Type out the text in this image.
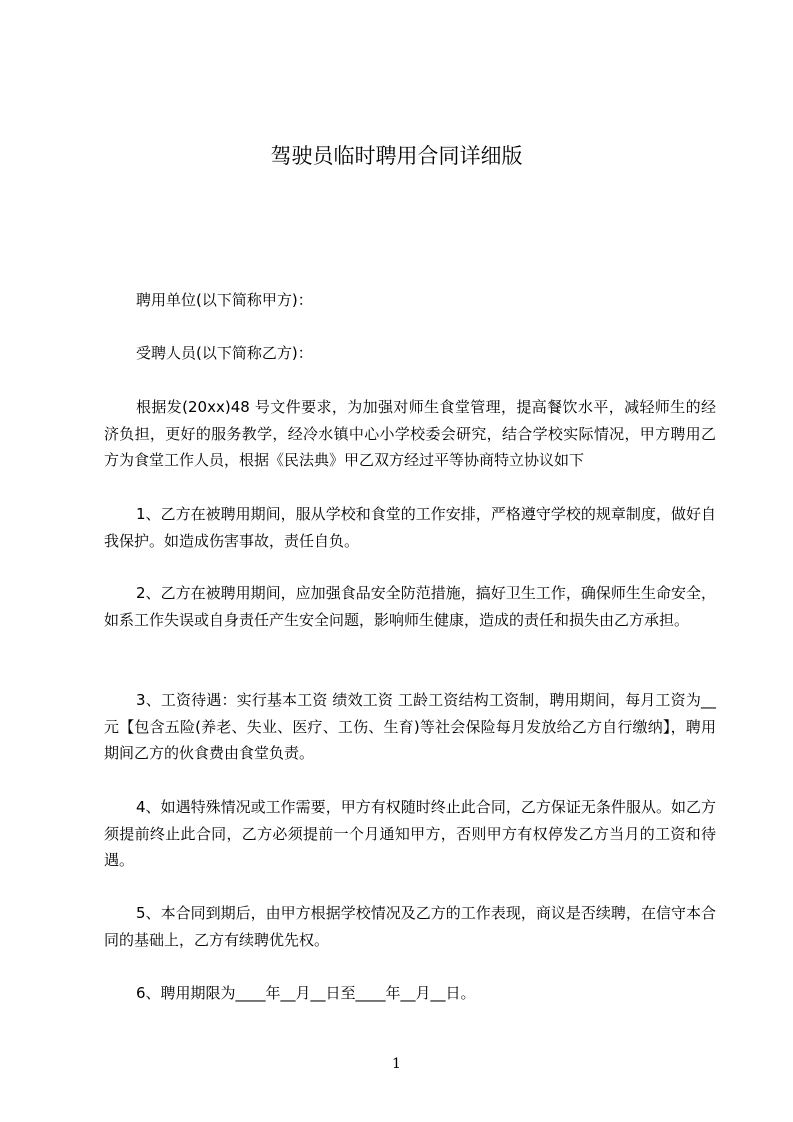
驾驶员临时聘用合同详细版

聘用单位(以下简称甲方)：

受聘人员(以下简称乙方)：

根据发(20xx)48 号文件要求，为加强对师生食堂管理，提高餐饮水平，减轻师生的经济负担，更好的服务教学，经冷水镇中心小学校委会研究，结合学校实际情况，甲方聘用乙方为食堂工作人员，根据《民法典》甲乙双方经过平等协商特立协议如下

1、乙方在被聘用期间，服从学校和食堂的工作安排，严格遵守学校的规章制度，做好自我保护。如造成伤害事故，责任自负。

2、乙方在被聘用期间，应加强食品安全防范措施，搞好卫生工作，确保师生生命安全，如系工作失误或自身责任产生安全问题，影响师生健康，造成的责任和损失由乙方承担。

3、工资待遇：实行基本工资 绩效工资 工龄工资结构工资制，聘用期间，每月工资为__元【包含五险(养老、失业、医疗、工伤、生育)等社会保险每月发放给乙方自行缴纳】，聘用期间乙方的伙食费由食堂负责。

4、如遇特殊情况或工作需要，甲方有权随时终止此合同，乙方保证无条件服从。如乙方须提前终止此合同，乙方必须提前一个月通知甲方，否则甲方有权停发乙方当月的工资和待遇。

5、本合同到期后，由甲方根据学校情况及乙方的工作表现，商议是否续聘，在信守本合同的基础上，乙方有续聘优先权。

6、聘用期限为____年__月__日至____年__月__日。

1
